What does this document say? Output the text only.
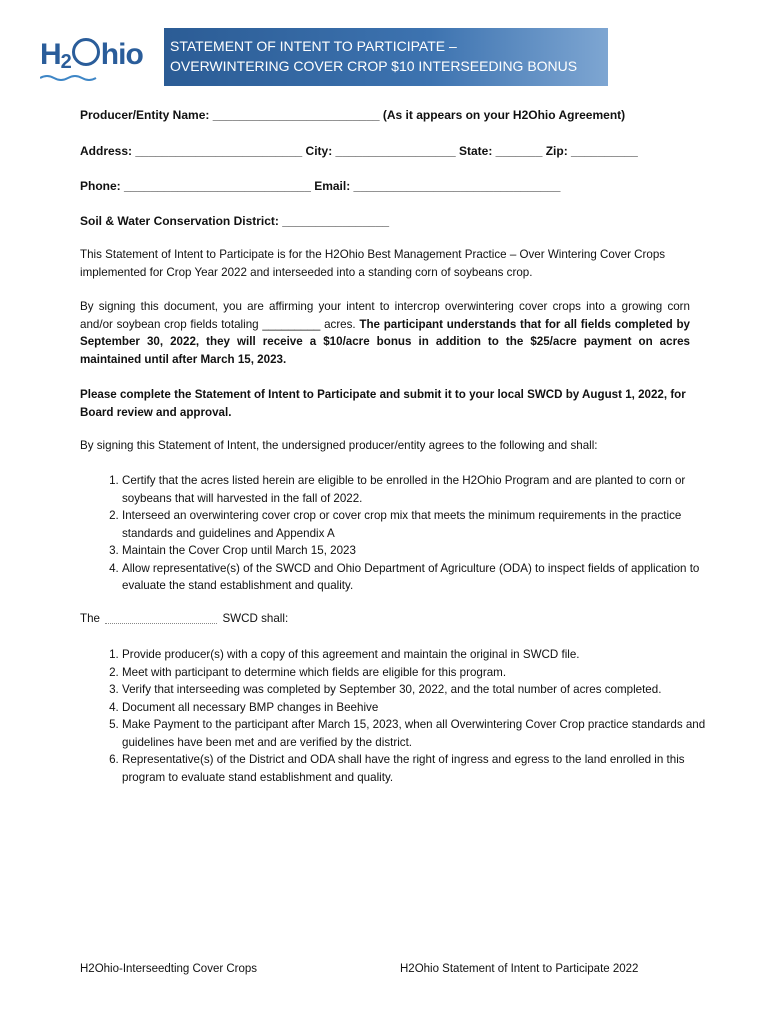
H2 hio	STATEMENT OF INTENT TO PARTICIPATE –
OVERWINTERING COVER CROP $10 INTERSEEDING BONUS
Producer/Entity Name: _________________________ (As it appears on your H2Ohio Agreement)
Address: _________________________ City: __________________ State: _______ Zip: __________
Phone: ____________________________ Email: _______________________________
Soil & Water Conservation District: ________________
This Statement of Intent to Participate is for the H2Ohio Best Management Practice – Over Wintering Cover Crops implemented for Crop Year 2022 and interseeded into a standing corn of soybeans crop.
By signing this document, you are affirming your intent to intercrop overwintering cover crops into a growing corn and/or soybean crop fields totaling _________ acres. The participant understands that for all fields completed by September 30, 2022, they will receive a $10/acre bonus in addition to the $25/acre payment on acres maintained until after March 15, 2023.
Please complete the Statement of Intent to Participate and submit it to your local SWCD by August 1, 2022, for Board review and approval.
By signing this Statement of Intent, the undersigned producer/entity agrees to the following and shall:
1. Certify that the acres listed herein are eligible to be enrolled in the H2Ohio Program and are planted to corn or soybeans that will harvested in the fall of 2022.
2. Interseed an overwintering cover crop or cover crop mix that meets the minimum requirements in the practice standards and guidelines and Appendix A
3. Maintain the Cover Crop until March 15, 2023
4. Allow representative(s) of the SWCD and Ohio Department of Agriculture (ODA) to inspect fields of application to evaluate the stand establishment and quality.
The	SWCD shall:
1. Provide producer(s) with a copy of this agreement and maintain the original in SWCD file.
2. Meet with participant to determine which fields are eligible for this program.
3. Verify that interseeding was completed by September 30, 2022, and the total number of acres completed.
4. Document all necessary BMP changes in Beehive
5. Make Payment to the participant after March 15, 2023, when all Overwintering Cover Crop practice standards and guidelines have been met and are verified by the district.
6. Representative(s) of the District and ODA shall have the right of ingress and egress to the land enrolled in this program to evaluate stand establishment and quality.
H2Ohio-Interseedting Cover Crops	H2Ohio Statement of Intent to Participate 2022
